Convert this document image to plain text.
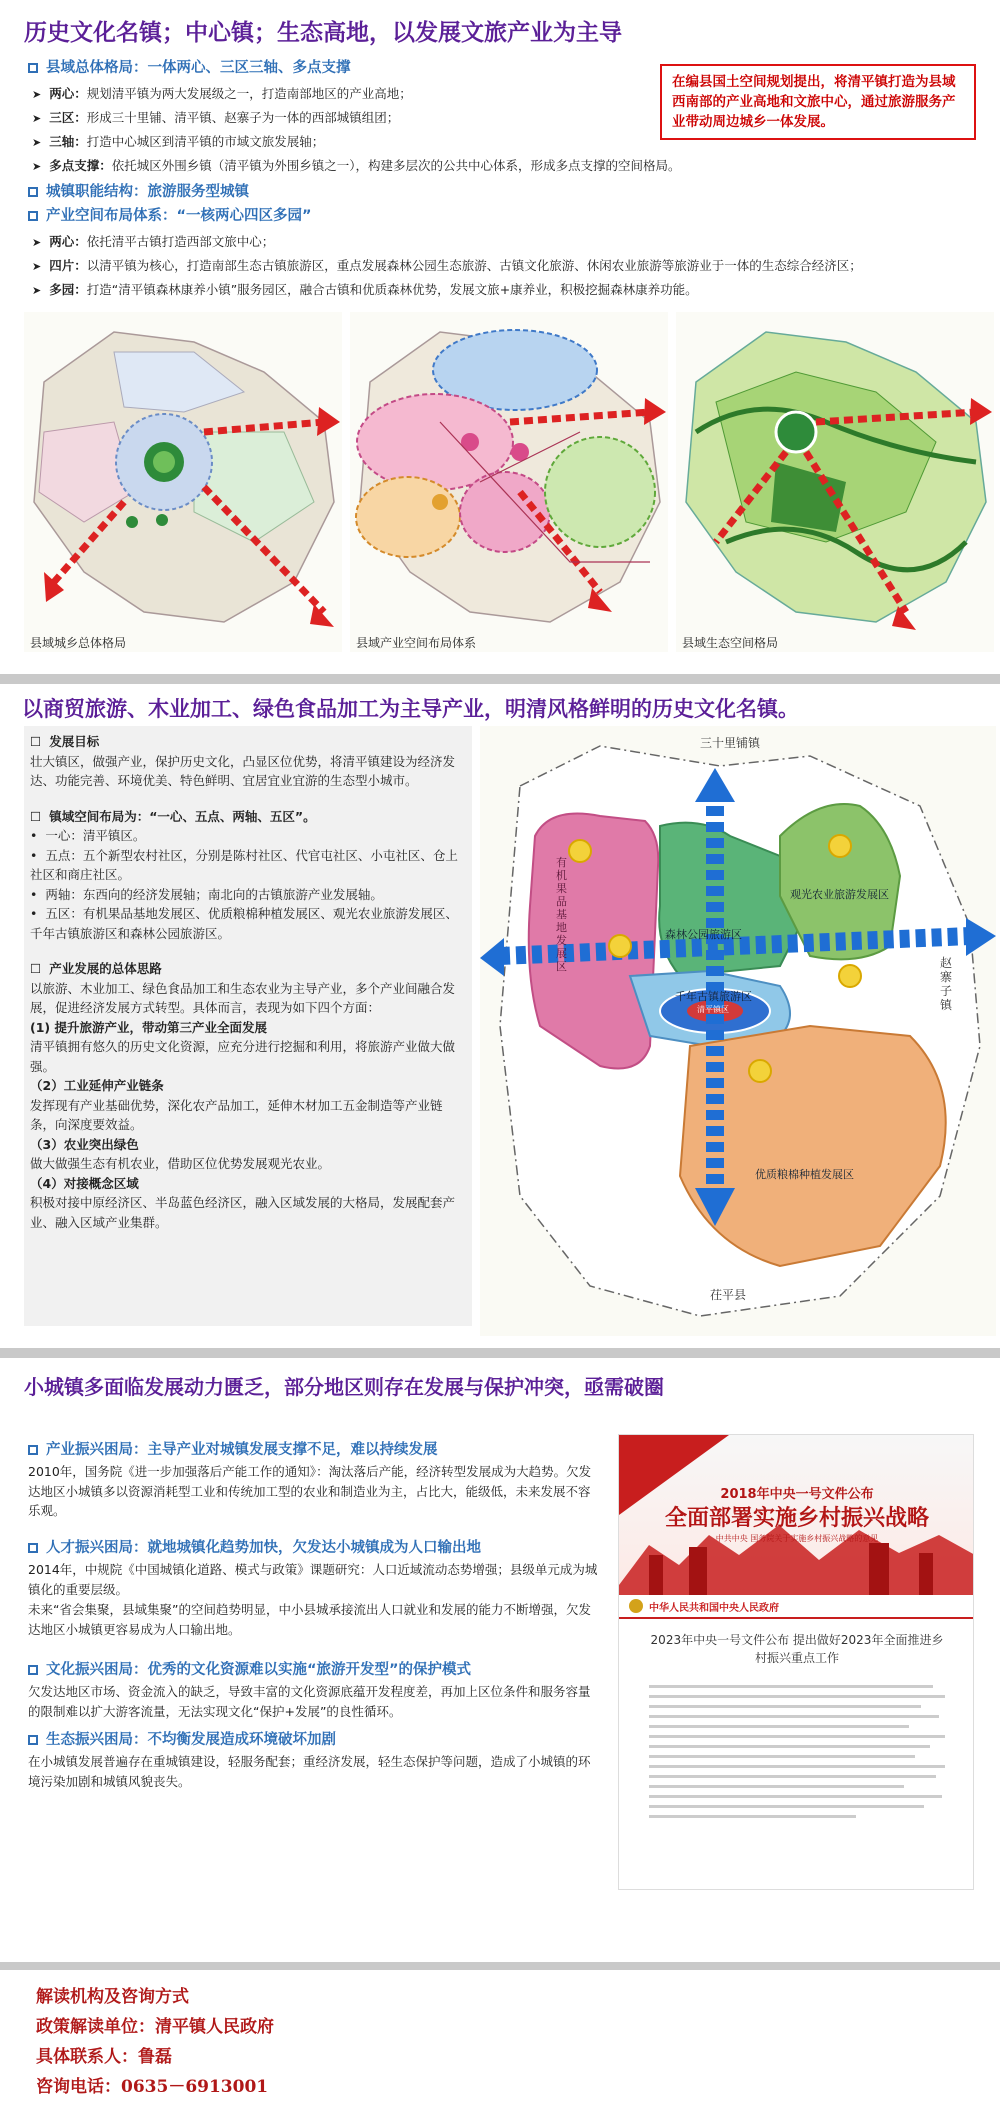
历史文化名镇；中心镇；生态高地，以发展文旅产业为主导
县域总体格局：一体两心、三区三轴、多点支撑
➤ 两心：规划清平镇为两大发展级之一，打造南部地区的产业高地；
➤ 三区：形成三十里铺、清平镇、赵寨子为一体的西部城镇组团；
➤ 三轴：打造中心城区到清平镇的市域文旅发展轴；
➤ 多点支撑：依托城区外围乡镇（清平镇为外围乡镇之一），构建多层次的公共中心体系，形成多点支撑的空间格局。
在编县国土空间规划提出，将清平镇打造为县域西南部的产业高地和文旅中心，通过旅游服务产业带动周边城乡一体发展。
城镇职能结构：旅游服务型城镇
产业空间布局体系：“一核两心四区多园”
➤ 两心：依托清平古镇打造西部文旅中心；
➤ 四片：以清平镇为核心，打造南部生态古镇旅游区，重点发展森林公园生态旅游、古镇文化旅游、休闲农业旅游等旅游业于一体的生态综合经济区；
➤ 多园：打造“清平镇森林康养小镇”服务园区，融合古镇和优质森林优势，发展文旅+康养业，积极挖掘森林康养功能。
县域城乡总体格局	县域产业空间布局体系	县域生态空间格局
以商贸旅游、木业加工、绿色食品加工为主导产业，明清风格鲜明的历史文化名镇。
☐ 发展目标
壮大镇区，做强产业，保护历史文化，凸显区位优势，将清平镇建设为经济发达、功能完善、环境优美、特色鲜明、宜居宜业宜游的生态型小城市。
☐ 镇域空间布局为：“一心、五点、两轴、五区”。
• 一心：清平镇区。
• 五点：五个新型农村社区，分别是陈村社区、代官屯社区、小屯社区、仓上社区和商庄社区。
• 两轴：东西向的经济发展轴；南北向的古镇旅游产业发展轴。
• 五区：有机果品基地发展区、优质粮棉种植发展区、观光农业旅游发展区、千年古镇旅游区和森林公园旅游区。
☐ 产业发展的总体思路
以旅游、木业加工、绿色食品加工和生态农业为主导产业，多个产业间融合发展，促进经济发展方式转型。具体而言，表现为如下四个方面：
(1) 提升旅游产业，带动第三产业全面发展
清平镇拥有悠久的历史文化资源，应充分进行挖掘和利用，将旅游产业做大做强。
（2）工业延伸产业链条
发挥现有产业基础优势，深化农产品加工，延伸木材加工五金制造等产业链条，向深度要效益。
（3）农业突出绿色
做大做强生态有机农业，借助区位优势发展观光农业。
（4）对接概念区域
积极对接中原经济区、半岛蓝色经济区，融入区域发展的大格局，发展配套产业、融入区域产业集群。
三十里铺镇
赵寨子镇
茌平县
有机果品基地发展区
森林公园旅游区
观光农业旅游发展区
千年古镇旅游区
优质粮棉种植发展区
清平镇区
小城镇多面临发展动力匮乏，部分地区则存在发展与保护冲突，亟需破圈
产业振兴困局：主导产业对城镇发展支撑不足，难以持续发展
2010年，国务院《进一步加强落后产能工作的通知》：淘汰落后产能，经济转型发展成为大趋势。欠发达地区小城镇多以资源消耗型工业和传统加工型的农业和制造业为主，占比大，能级低，未来发展不容乐观。
人才振兴困局：就地城镇化趋势加快，欠发达小城镇成为人口输出地
2014年，中规院《中国城镇化道路、模式与政策》课题研究：人口近域流动态势增强；县级单元成为城镇化的重要层级。
未来“省会集聚，县域集聚”的空间趋势明显，中小县城承接流出人口就业和发展的能力不断增强，欠发达地区小城镇更容易成为人口输出地。
文化振兴困局：优秀的文化资源难以实施“旅游开发型”的保护模式
欠发达地区市场、资金流入的缺乏，导致丰富的文化资源底蕴开发程度差，再加上区位条件和服务容量的限制难以扩大游客流量，无法实现文化“保护+发展”的良性循环。
生态振兴困局：不均衡发展造成环境破坏加剧
在小城镇发展普遍存在重城镇建设，轻服务配套；重经济发展，轻生态保护等问题，造成了小城镇的环境污染加剧和城镇风貌丧失。
2018年中央一号文件公布
全面部署实施乡村振兴战略
中共中央 国务院关于实施乡村振兴战略的意见
中华人民共和国中央人民政府
2023年中央一号文件公布 提出做好2023年全面推进乡村振兴重点工作
解读机构及咨询方式
政策解读单位：清平镇人民政府
具体联系人：鲁磊
咨询电话：0635－6913001
